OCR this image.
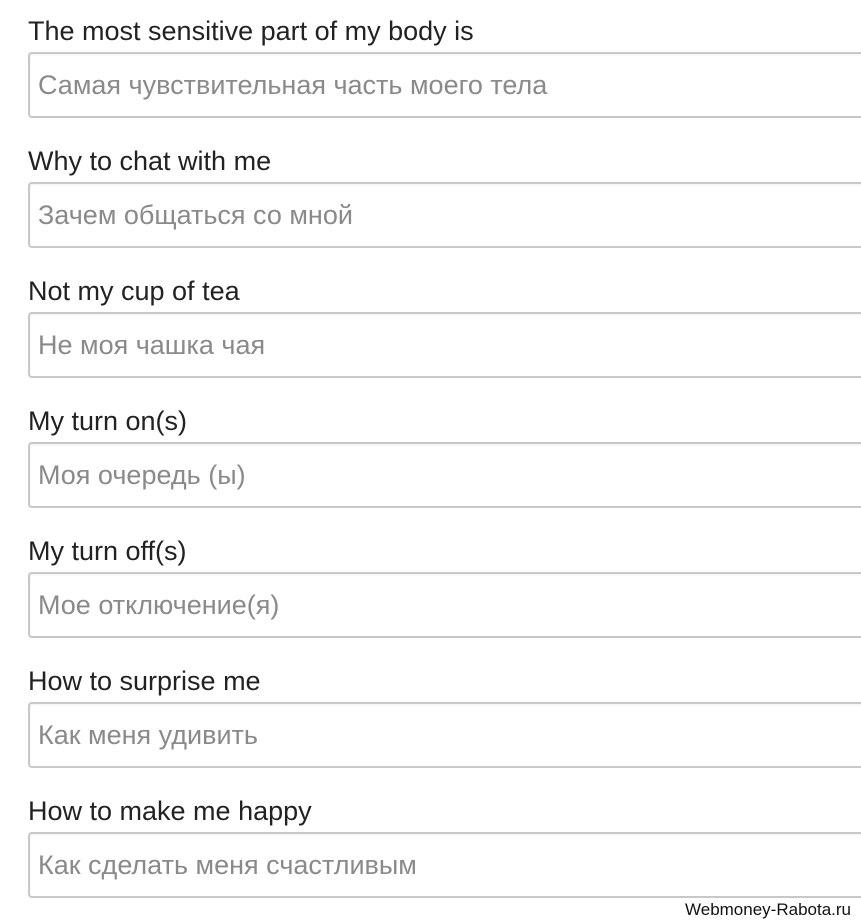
The most sensitive part of my body is
Самая чувствительная часть моего тела
Why to chat with me
Зачем общаться со мной
Not my cup of tea
Не моя чашка чая
My turn on(s)
Моя очередь (ы)
My turn off(s)
Мое отключение(я)
How to surprise me
Как меня удивить
How to make me happy
Как сделать меня счастливым
Webmoney-Rabota.ru
